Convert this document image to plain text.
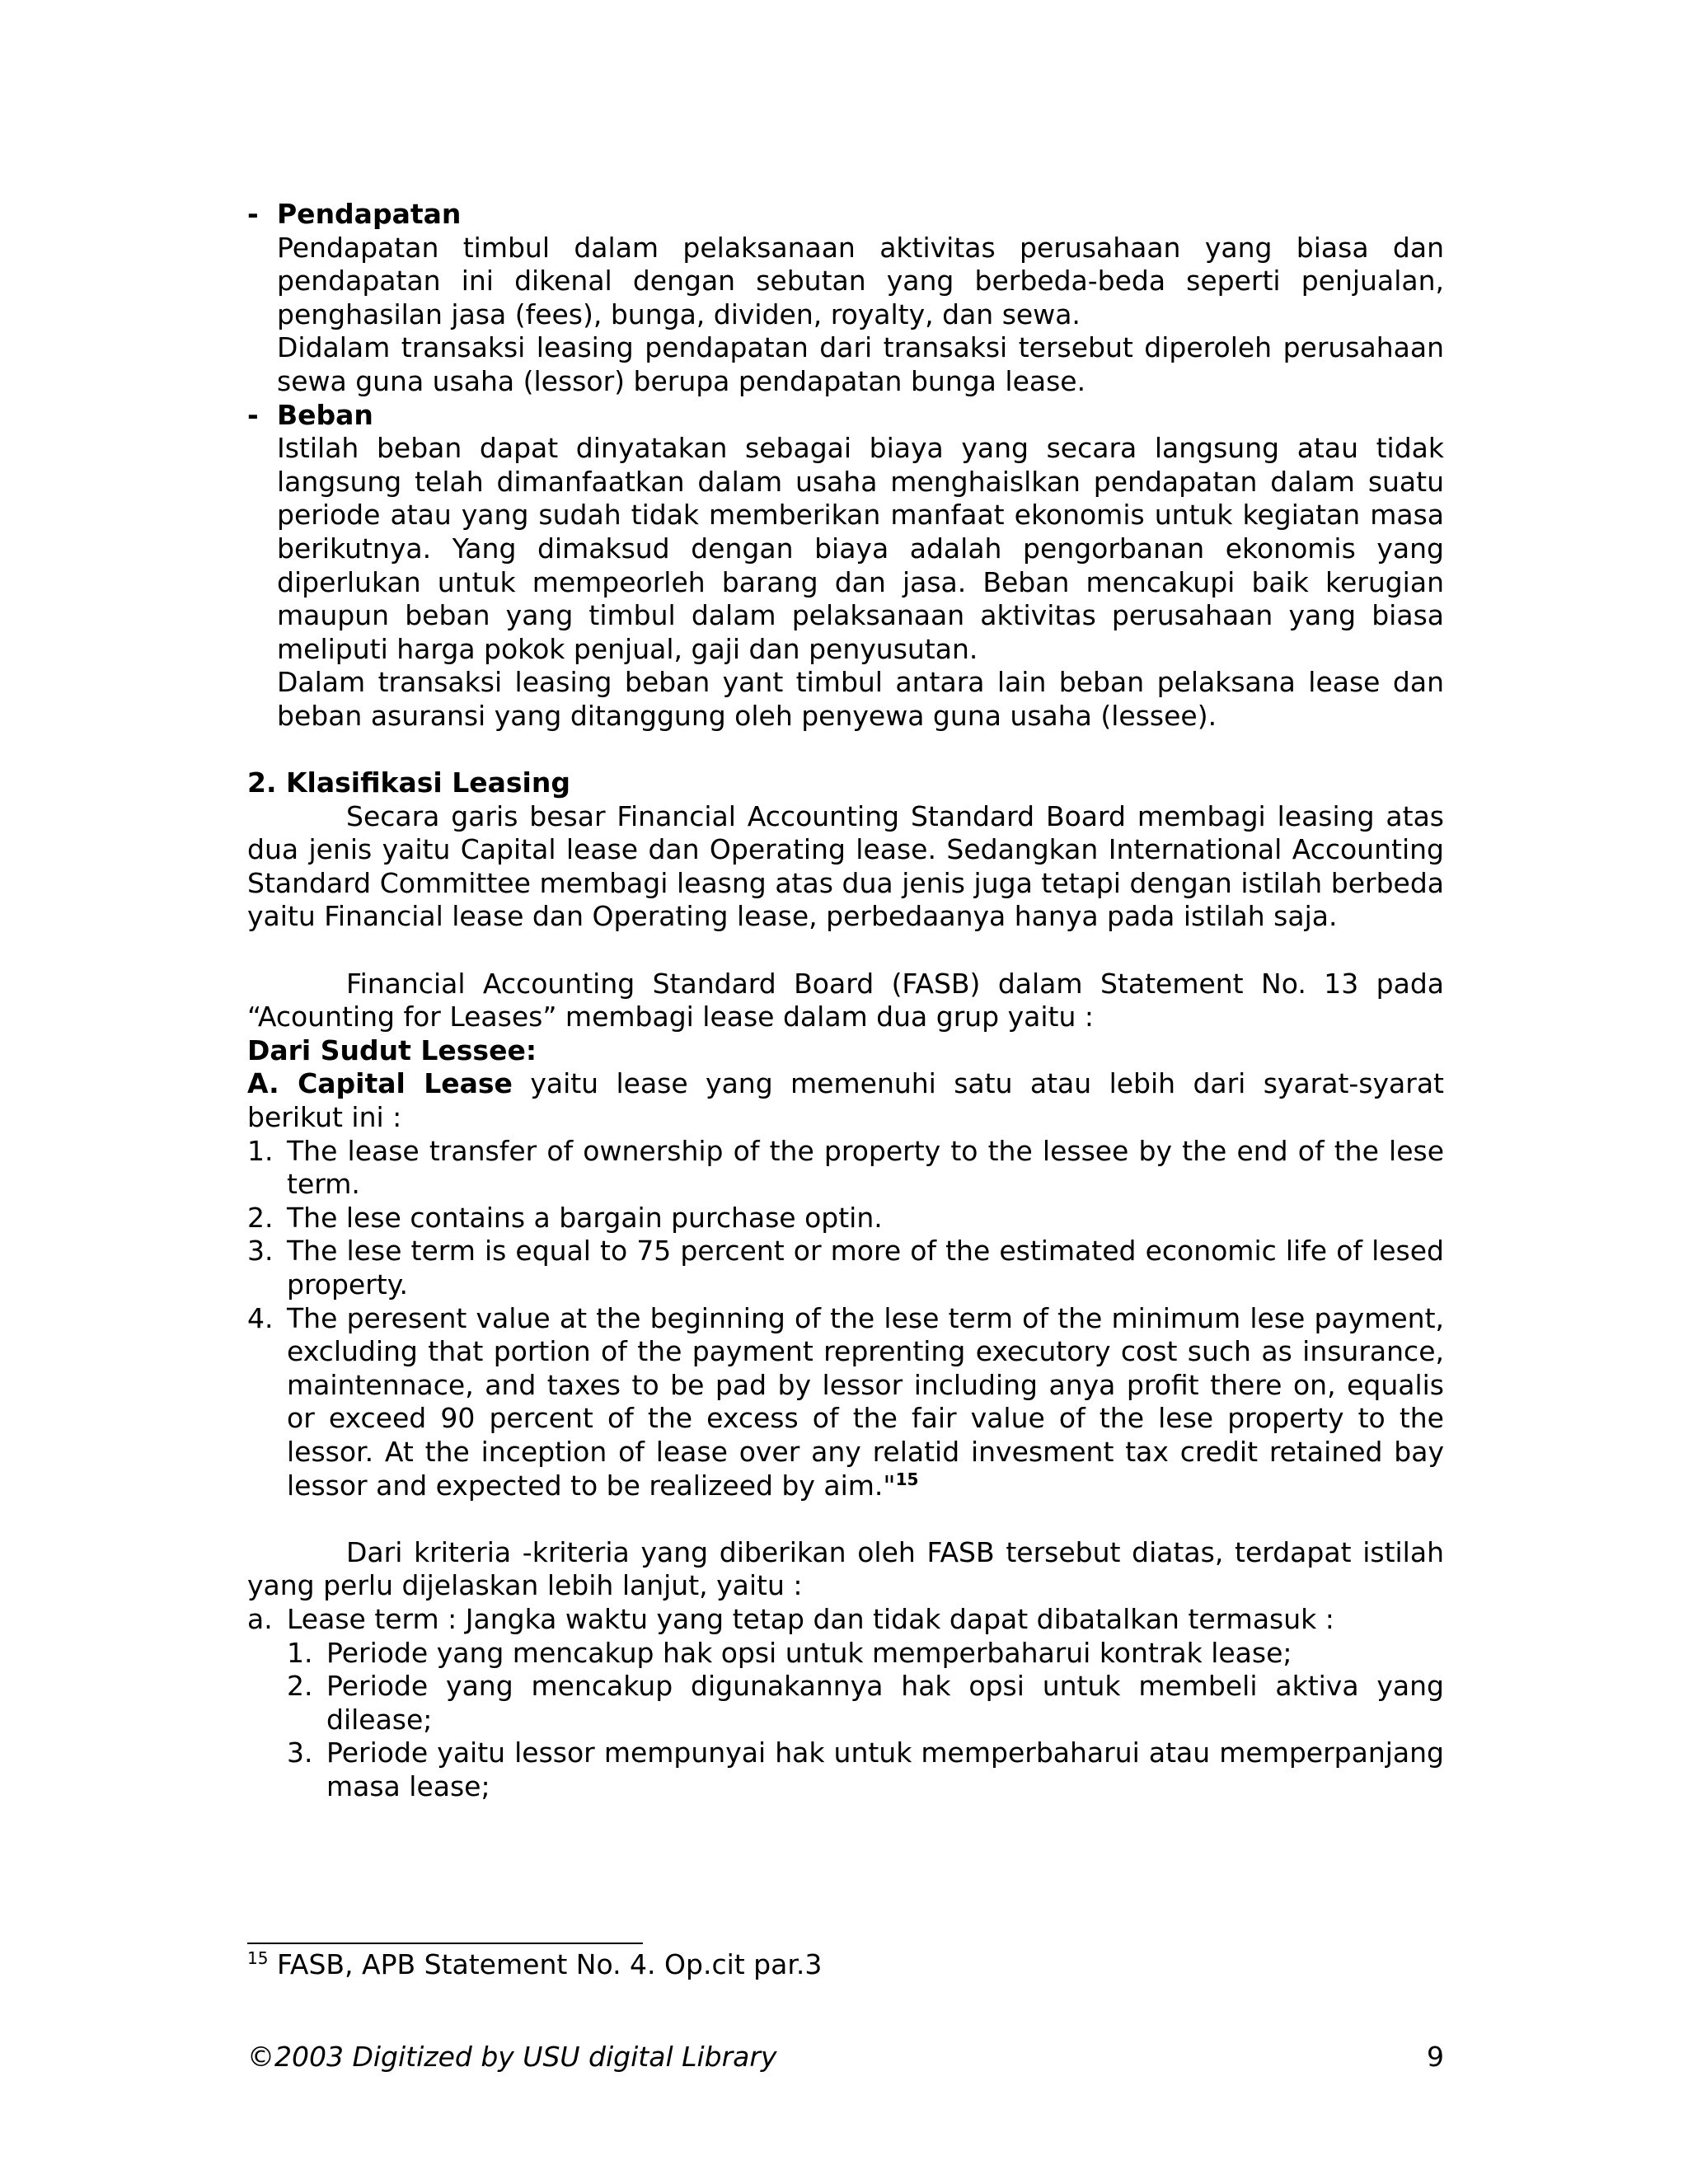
- Pendapatan
Pendapatan timbul dalam pelaksanaan aktivitas perusahaan yang biasa dan pendapatan ini dikenal dengan sebutan yang berbeda-beda seperti penjualan, penghasilan jasa (fees), bunga, dividen, royalty, dan sewa.
Didalam transaksi leasing pendapatan dari transaksi tersebut diperoleh perusahaan sewa guna usaha (lessor) berupa pendapatan bunga lease.
- Beban
Istilah beban dapat dinyatakan sebagai biaya yang secara langsung atau tidak langsung telah dimanfaatkan dalam usaha menghaislkan pendapatan dalam suatu periode atau yang sudah tidak memberikan manfaat ekonomis untuk kegiatan masa berikutnya. Yang dimaksud dengan biaya adalah pengorbanan ekonomis yang diperlukan untuk mempeorleh barang dan jasa. Beban mencakupi baik kerugian maupun beban yang timbul dalam pelaksanaan aktivitas perusahaan yang biasa meliputi harga pokok penjual, gaji dan penyusutan.
Dalam transaksi leasing beban yant timbul antara lain beban pelaksana lease dan beban asuransi yang ditanggung oleh penyewa guna usaha (lessee).
2. Klasifikasi Leasing
Secara garis besar Financial Accounting Standard Board membagi leasing atas dua jenis yaitu Capital lease dan Operating lease. Sedangkan International Accounting Standard Committee membagi leasng atas dua jenis juga tetapi dengan istilah berbeda yaitu Financial lease dan Operating lease, perbedaanya hanya pada istilah saja.
Financial Accounting Standard Board (FASB) dalam Statement No. 13 pada “Acounting for Leases” membagi lease dalam dua grup yaitu :
Dari Sudut Lessee:
A. Capital Lease yaitu lease yang memenuhi satu atau lebih dari syarat-syarat berikut ini :
1. The lease transfer of ownership of the property to the lessee by the end of the lese term.
2. The lese contains a bargain purchase optin.
3. The lese term is equal to 75 percent or more of the estimated economic life of lesed property.
4. The peresent value at the beginning of the lese term of the minimum lese payment, excluding that portion of the payment reprenting executory cost such as insurance, maintennace, and taxes to be pad by lessor including anya profit there on, equalis or exceed 90 percent of the excess of the fair value of the lese property to the lessor. At the inception of lease over any relatid invesment tax credit retained bay lessor and expected to be realizeed by aim."$^{15}$
Dari kriteria -kriteria yang diberikan oleh FASB tersebut diatas, terdapat istilah yang perlu dijelaskan lebih lanjut, yaitu :
a. Lease term : Jangka waktu yang tetap dan tidak dapat dibatalkan termasuk :
1. Periode yang mencakup hak opsi untuk memperbaharui kontrak lease;
2. Periode yang mencakup digunakannya hak opsi untuk membeli aktiva yang dilease;
3. Periode yaitu lessor mempunyai hak untuk memperbaharui atau memperpanjang masa lease;
$^{15}$ FASB, APB Statement No. 4. Op.cit par.3
©2003 Digitized by USU digital Library	9
